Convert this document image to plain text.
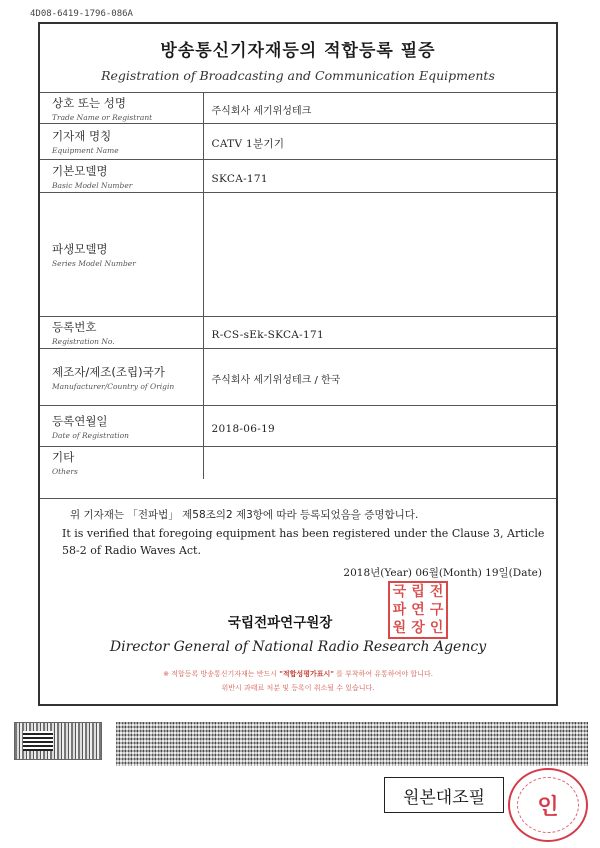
4D08-6419-1796-086A
방송통신기자재등의 적합등록 필증
Registration of Broadcasting and Communication Equipments
상호 또는 성명
Trade Name or Registrant	주식회사 세기위성테크

기자재 명칭
Equipment Name	CATV 1분기기

기본모델명
Basic Model Number	SKCA-171

파생모델명
Series Model Number	

등록번호
Registration No.	R-CS-sEk-SKCA-171

제조자/제조(조립)국가
Manufacturer/Country of Origin	주식회사 세기위성테크 / 한국

등록연월일
Date of Registration	2018-06-19

기타
Others	

위 기자재는 「전파법」 제58조의2 제3항에 따라 등록되었음을 증명합니다.
It is verified that foregoing equipment has been registered under the Clause 3, Article 58-2 of Radio Waves Act.
2018년(Year) 06월(Month) 19일(Date)
국립전파연구원장
국 립 전
파 연 구
원 장 인
Director General of National Radio Research Agency
※ 적합등록 방송통신기자재는 반드시 "적합성평가표시" 를 부착하여 유통하여야 합니다.
위반시 과태료 처분 및 등록이 취소될 수 있습니다.
원본대조필 인
